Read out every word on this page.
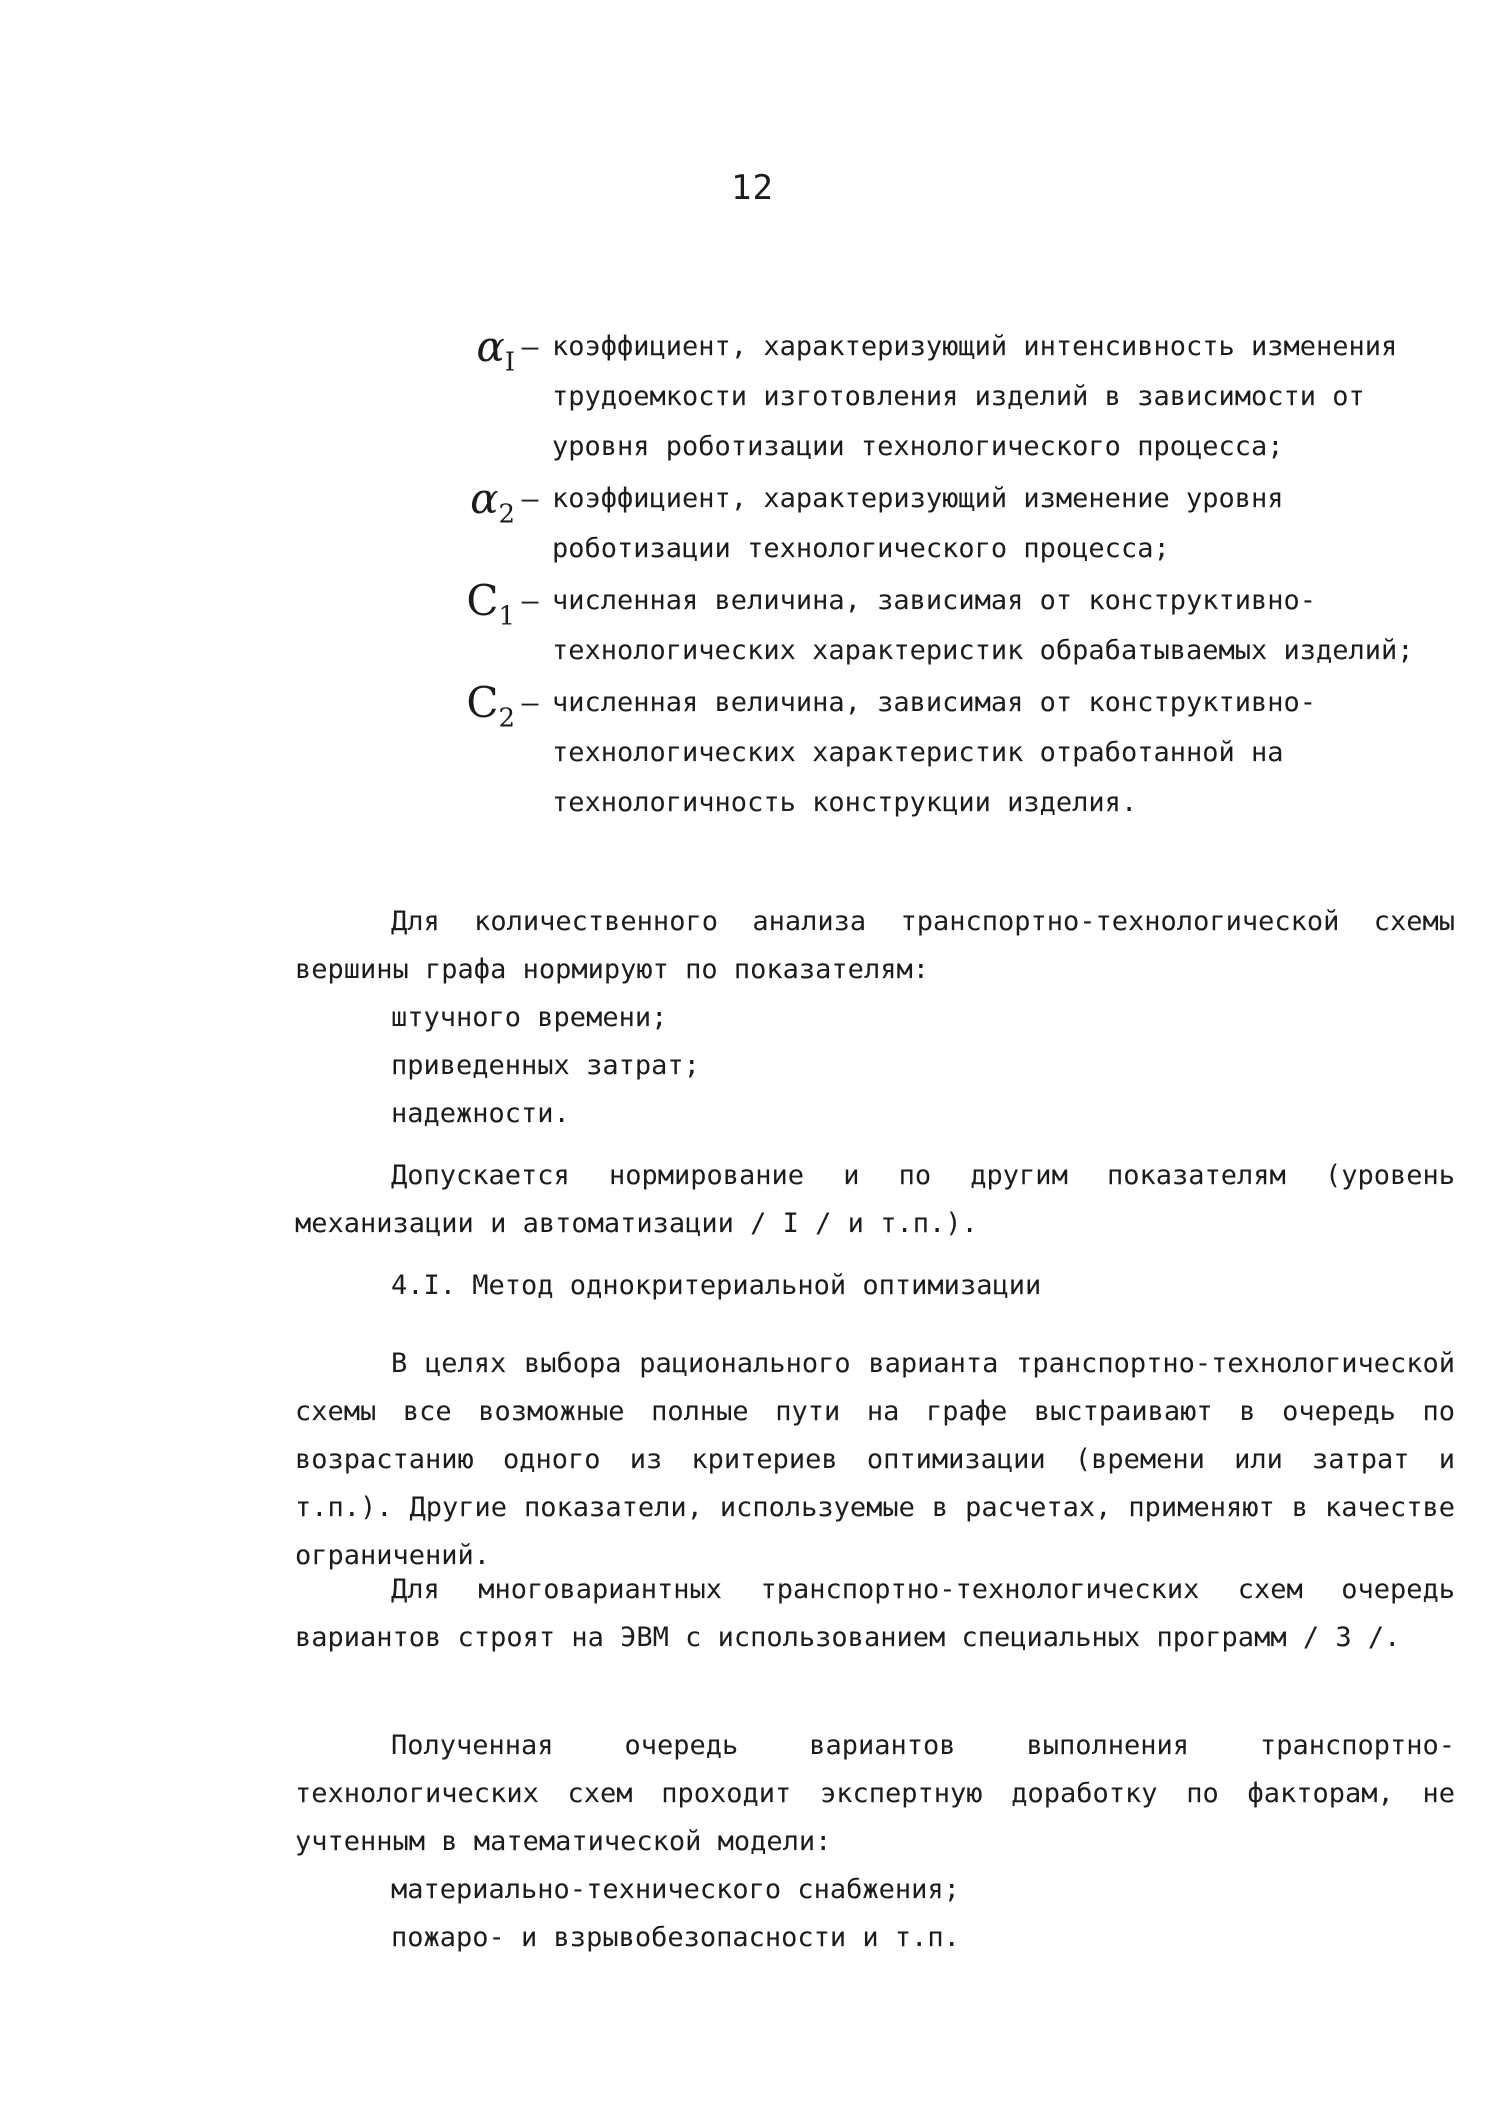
12
$\alpha_I$ – коэффициент, характеризующий интенсивность изменения трудоемкости изготовления изделий в зависимости от уровня роботизации технологического процесса;
$\alpha_2$ – коэффициент, характеризующий изменение уровня роботизации технологического процесса;
$C_1$ – численная величина, зависимая от конструктивно-технологических характеристик обрабатываемых изделий;
$C_2$ – численная величина, зависимая от конструктивно-технологических характеристик отработанной на технологичность конструкции изделия.
Для количественного анализа транспортно-технологической схемы вершины графа нормируют по показателям:
штучного времени;
приведенных затрат;
надежности.
Допускается нормирование и по другим показателям (уровень механизации и автоматизации / I / и т.п.).
4.I. Метод однокритериальной оптимизации
В целях выбора рационального варианта транспортно-технологической схемы все возможные полные пути на графе выстраивают в очередь по возрастанию одного из критериев оптимизации (времени или затрат и т.п.). Другие показатели, используемые в расчетах, применяют в качестве ограничений.
Для многовариантных транспортно-технологических схем очередь вариантов строят на ЭВМ с использованием специальных программ / 3 /.
Полученная очередь вариантов выполнения транспортно-технологических схем проходит экспертную доработку по факторам, не учтенным в математической модели:
материально-технического снабжения;
пожаро- и взрывобезопасности и т.п.
